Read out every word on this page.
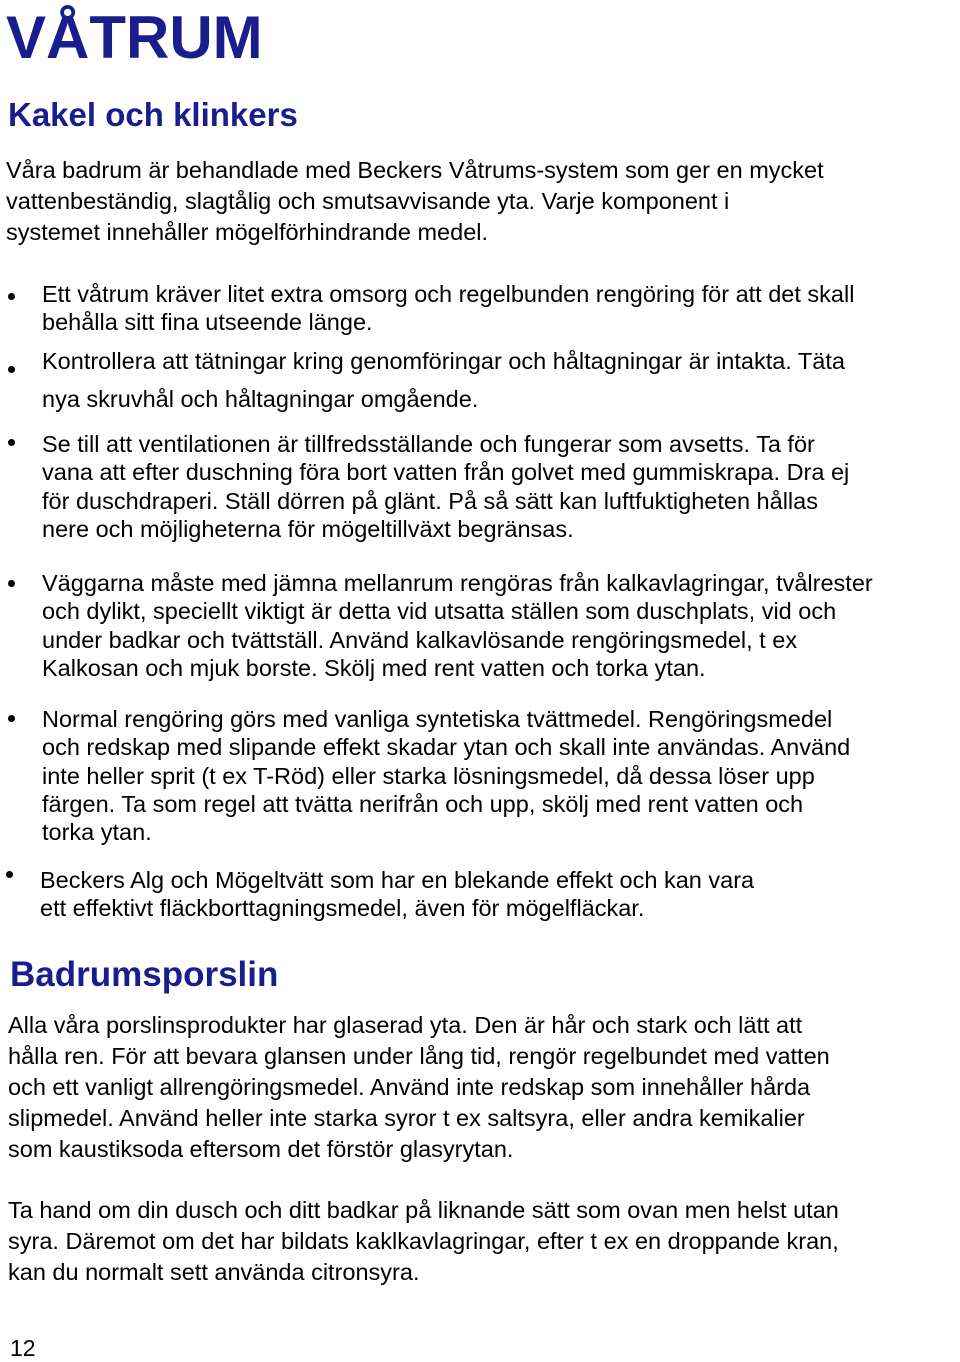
VÅTRUM
Kakel och klinkers

Våra badrum är behandlade med Beckers Våtrums-system som ger en mycket
vattenbeständig, slagtålig och smutsavvisande yta. Varje komponent i
systemet innehåller mögelförhindrande medel.

Ett våtrum kräver litet extra omsorg och regelbunden rengöring för att det skall
behålla sitt fina utseende länge.
Kontrollera att tätningar kring genomföringar och håltagningar är intakta. Täta
nya skruvhål och håltagningar omgående.
Se till att ventilationen är tillfredsställande och fungerar som avsetts. Ta för
vana att efter duschning föra bort vatten från golvet med gummiskrapa. Dra ej
för duschdraperi. Ställ dörren på glänt. På så sätt kan luftfuktigheten hållas
nere och möjligheterna för mögeltillväxt begränsas.
Väggarna måste med jämna mellanrum rengöras från kalkavlagringar, tvålrester
och dylikt, speciellt viktigt är detta vid utsatta ställen som duschplats, vid och
under badkar och tvättställ. Använd kalkavlösande rengöringsmedel, t ex
Kalkosan och mjuk borste. Skölj med rent vatten och torka ytan.
Normal rengöring görs med vanliga syntetiska tvättmedel. Rengöringsmedel
och redskap med slipande effekt skadar ytan och skall inte användas. Använd
inte heller sprit (t ex T-Röd) eller starka lösningsmedel, då dessa löser upp
färgen. Ta som regel att tvätta nerifrån och upp, skölj med rent vatten och
torka ytan.
Beckers Alg och Mögeltvätt som har en blekande effekt och kan vara
ett effektivt fläckborttagningsmedel, även för mögelfläckar.
Badrumsporslin

Alla våra porslinsprodukter har glaserad yta. Den är hår och stark och lätt att
hålla ren. För att bevara glansen under lång tid, rengör regelbundet med vatten
och ett vanligt allrengöringsmedel. Använd inte redskap som innehåller hårda
slipmedel. Använd heller inte starka syror t ex saltsyra, eller andra kemikalier
som kaustiksoda eftersom det förstör glasyrytan.

Ta hand om din dusch och ditt badkar på liknande sätt som ovan men helst utan
syra. Däremot om det har bildats kaklkavlagringar, efter t ex en droppande kran,
kan du normalt sett använda citronsyra.

12
